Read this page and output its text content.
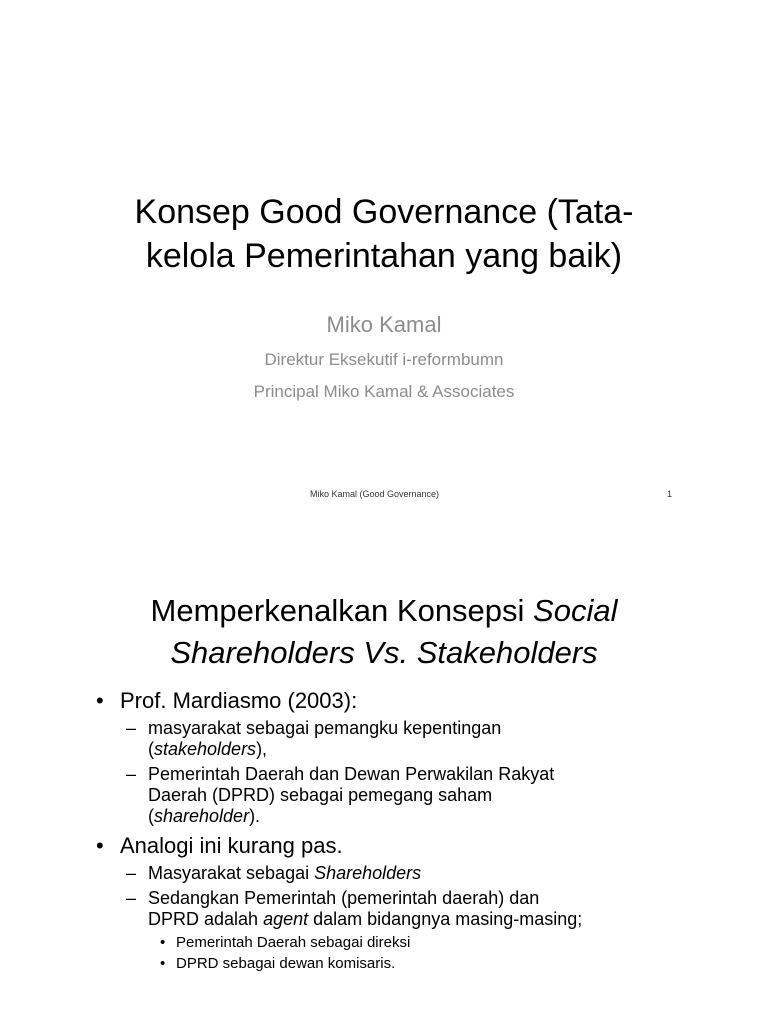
Konsep Good Governance (Tata-
kelola Pemerintahan yang baik)
Miko Kamal
Direktur Eksekutif i-reformbumn
Principal Miko Kamal & Associates
Miko Kamal (Good Governance)	1
Memperkenalkan Konsepsi Social
Shareholders Vs. Stakeholders
• Prof. Mardiasmo (2003):
– masyarakat sebagai pemangku kepentingan
(stakeholders),
– Pemerintah Daerah dan Dewan Perwakilan Rakyat
Daerah (DPRD) sebagai pemegang saham
(shareholder).
• Analogi ini kurang pas.
– Masyarakat sebagai Shareholders
– Sedangkan Pemerintah (pemerintah daerah) dan
DPRD adalah agent dalam bidangnya masing-masing;
• Pemerintah Daerah sebagai direksi
• DPRD sebagai dewan komisaris.
